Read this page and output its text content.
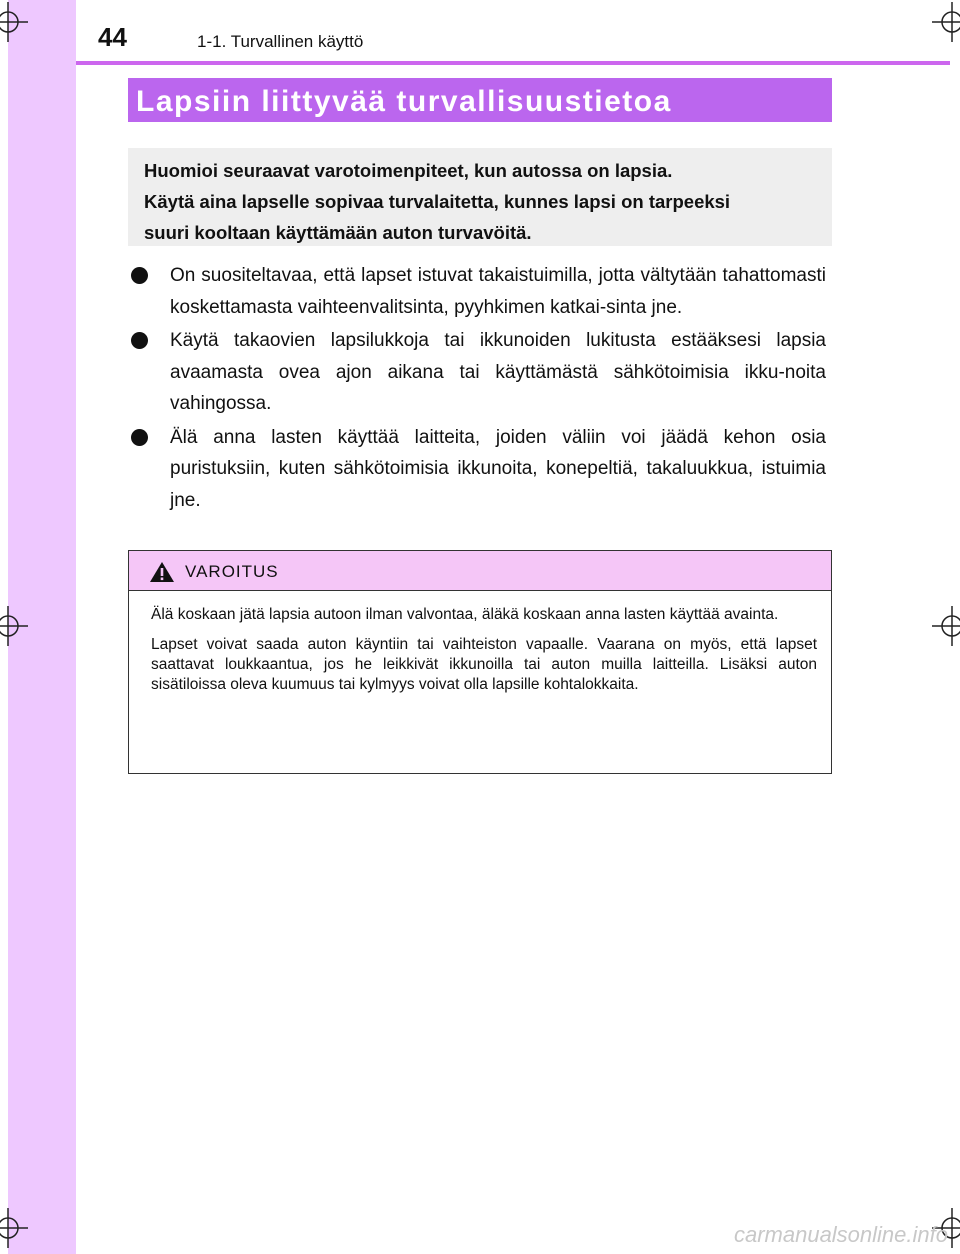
44	1-1. Turvallinen käyttö
Lapsiin liittyvää turvallisuustietoa
Huomioi seuraavat varotoimenpiteet, kun autossa on lapsia.
Käytä aina lapselle sopivaa turvalaitetta, kunnes lapsi on tarpeeksi
suuri kooltaan käyttämään auton turvavöitä.
On suositeltavaa, että lapset istuvat takaistuimilla, jotta vältytään tahattomasti koskettamasta vaihteenvalitsinta, pyyhkimen katkai-sinta jne.
Käytä takaovien lapsilukkoja tai ikkunoiden lukitusta estääksesi lapsia avaamasta ovea ajon aikana tai käyttämästä sähkötoimisia ikku-noita vahingossa.
Älä anna lasten käyttää laitteita, joiden väliin voi jäädä kehon osia puristuksiin, kuten sähkötoimisia ikkunoita, konepeltiä, takaluukkua, istuimia jne.
VAROITUS

Älä koskaan jätä lapsia autoon ilman valvontaa, äläkä koskaan anna lasten käyttää avainta.

Lapset voivat saada auton käyntiin tai vaihteiston vapaalle. Vaarana on myös, että lapset saattavat loukkaantua, jos he leikkivät ikkunoilla tai auton muilla laitteilla. Lisäksi auton sisätiloissa oleva kuumuus tai kylmyys voivat olla lapsille kohtalokkaita.

carmanualsonline.info
